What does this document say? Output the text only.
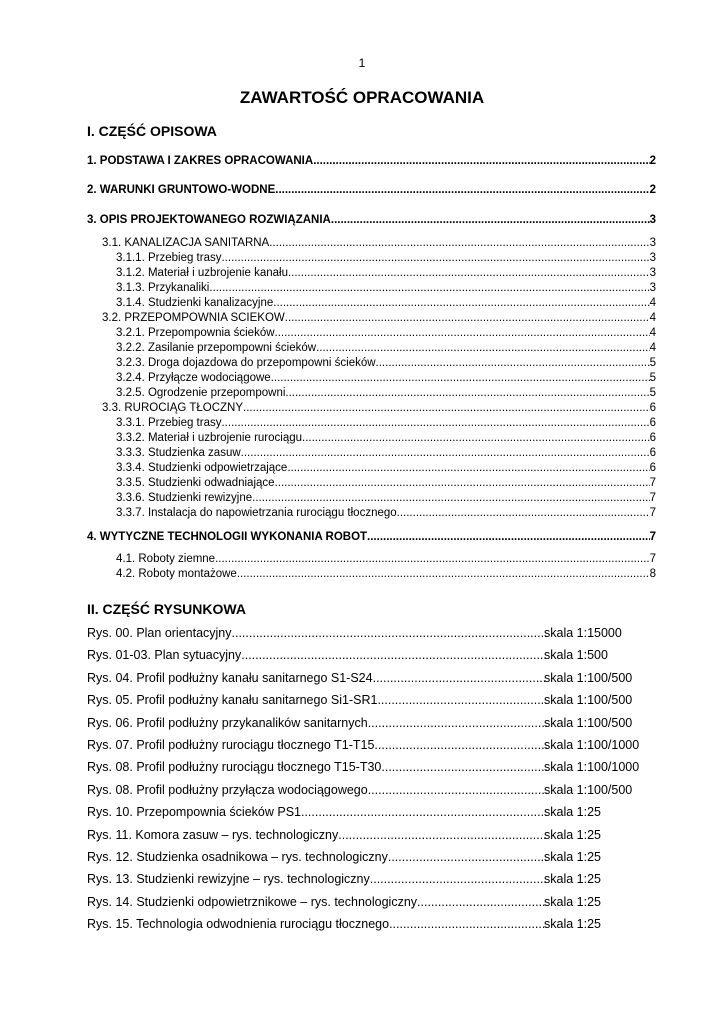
1
ZAWARTOŚĆ OPRACOWANIA
I. CZĘŚĆ OPISOWA
II. CZĘŚĆ RYSUNKOWA
1. PODSTAWA I ZAKRES OPRACOWANIA .....	2
2. WARUNKI GRUNTOWO-WODNE .....	2
3. OPIS PROJEKTOWANEGO ROZWIĄZANIA .....	3
3.1. KANALIZACJA SANITARNA .....	3
3.1.1. Przebieg trasy .....	3
3.1.2. Materiał i uzbrojenie kanału .....	3
3.1.3. Przykanaliki .....	3
3.1.4. Studzienki kanalizacyjne .....	4
3.2. PRZEPOMPOWNIA ŚCIEKÓW .....	4
3.2.1. Przepompownia ścieków .....	4
3.2.2. Zasilanie przepompowni ścieków .....	4
3.2.3. Droga dojazdowa do przepompowni ścieków .....	5
3.2.4. Przyłącze wodociągowe .....	5
3.2.5. Ogrodzenie przepompowni .....	5
3.3. RUROCIĄG TŁOCZNY .....	6
3.3.1. Przebieg trasy .....	6
3.3.2. Materiał i uzbrojenie rurociągu .....	6
3.3.3. Studzienka zasuw .....	6
3.3.4. Studzienki odpowietrzające .....	6
3.3.5. Studzienki odwadniające .....	7
3.3.6. Studzienki rewizyjne .....	7
3.3.7. Instalacja do napowietrzania rurociągu tłocznego .....	7
4. WYTYCZNE TECHNOLOGII WYKONANIA ROBÓT .....	7
4.1. Roboty ziemne .....	7
4.2. Roboty montażowe .....	8
Rys. 00. Plan orientacyjny .....	skala 1:15000
Rys. 01-03. Plan sytuacyjny .....	skala 1:500
Rys. 04. Profil podłużny kanału sanitarnego S1-S24 .....	skala 1:100/500
Rys. 05. Profil podłużny kanału sanitarnego Si1-SR1 .....	skala 1:100/500
Rys. 06. Profil podłużny przykanalików sanitarnych .....	skala 1:100/500
Rys. 07. Profil podłużny rurociągu tłocznego T1-T15 .....	skala 1:100/1000
Rys. 08. Profil podłużny rurociągu tłocznego T15-T30 .....	skala 1:100/1000
Rys. 08. Profil podłużny przyłącza wodociągowego .....	skala 1:100/500
Rys. 10. Przepompownia ścieków PS1 .....	skala 1:25
Rys. 11. Komora zasuw – rys. technologiczny .....	skala 1:25
Rys. 12. Studzienka osadnikowa – rys. technologiczny .....	skala 1:25
Rys. 13. Studzienki rewizyjne – rys. technologiczny .....	skala 1:25
Rys. 14. Studzienki odpowietrznikowe – rys. technologiczny .....	skala 1:25
Rys. 15. Technologia odwodnienia rurociągu tłocznego .....	skala 1:25
